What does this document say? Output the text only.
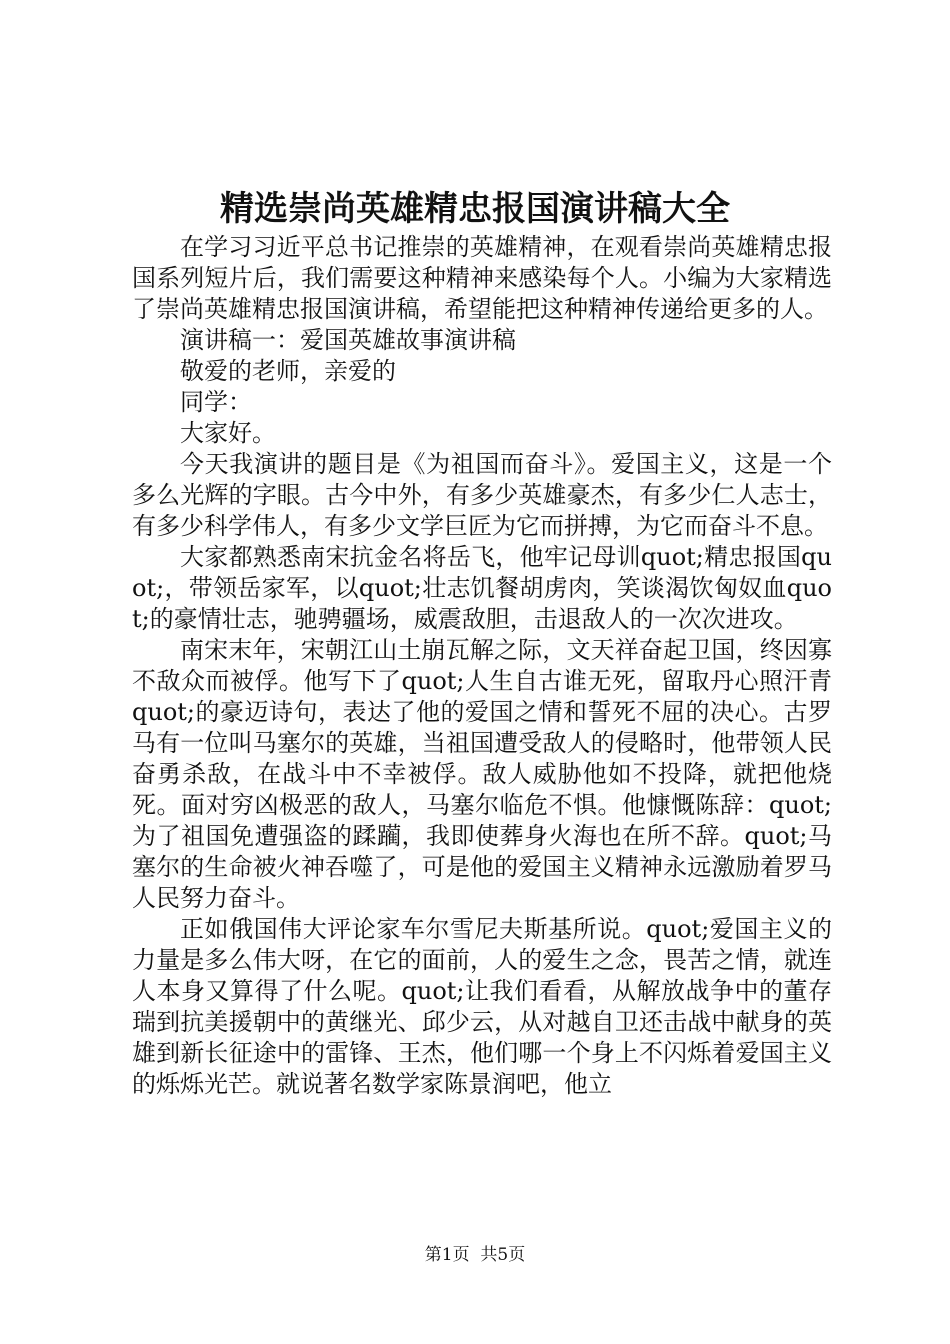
精选崇尚英雄精忠报国演讲稿大全

在学习习近平总书记推崇的英雄精神，在观看崇尚英雄精忠报国系列短片后，我们需要这种精神来感染每个人。小编为大家精选了崇尚英雄精忠报国演讲稿，希望能把这种精神传递给更多的人。

演讲稿一：爱国英雄故事演讲稿

敬爱的老师，亲爱的

同学：

大家好。

今天我演讲的题目是《为祖国而奋斗》。爱国主义，这是一个多么光辉的字眼。古今中外，有多少英雄豪杰，有多少仁人志士，有多少科学伟人，有多少文学巨匠为它而拼搏，为它而奋斗不息。

大家都熟悉南宋抗金名将岳飞，他牢记母训quot;精忠报国quot;，带领岳家军，以quot;壮志饥餐胡虏肉，笑谈渴饮匈奴血quot;的豪情壮志，驰骋疆场，威震敌胆，击退敌人的一次次进攻。

南宋末年，宋朝江山土崩瓦解之际，文天祥奋起卫国，终因寡不敌众而被俘。他写下了quot;人生自古谁无死，留取丹心照汗青quot;的豪迈诗句，表达了他的爱国之情和誓死不屈的决心。古罗马有一位叫马塞尔的英雄，当祖国遭受敌人的侵略时，他带领人民奋勇杀敌，在战斗中不幸被俘。敌人威胁他如不投降，就把他烧死。面对穷凶极恶的敌人，马塞尔临危不惧。他慷慨陈辞：quot;为了祖国免遭强盗的蹂躏，我即使葬身火海也在所不辞。quot;马塞尔的生命被火神吞噬了，可是他的爱国主义精神永远激励着罗马人民努力奋斗。

正如俄国伟大评论家车尔雪尼夫斯基所说。quot;爱国主义的力量是多么伟大呀，在它的面前，人的爱生之念，畏苦之情，就连人本身又算得了什么呢。quot;让我们看看，从解放战争中的董存瑞到抗美援朝中的黄继光、邱少云，从对越自卫还击战中献身的英雄到新长征途中的雷锋、王杰，他们哪一个身上不闪烁着爱国主义的烁烁光芒。就说著名数学家陈景润吧，他立

第1页 共5页
